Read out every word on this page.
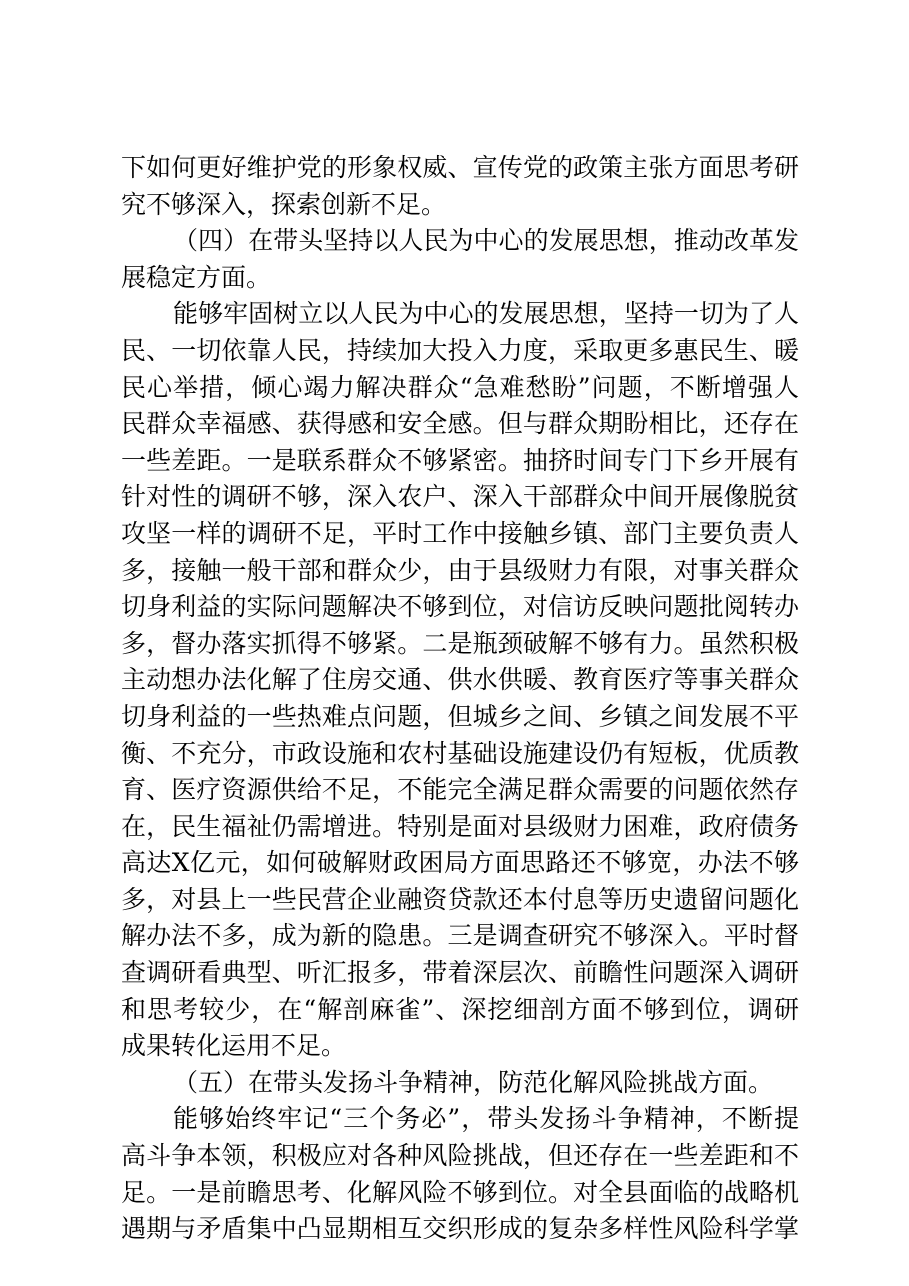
下如何更好维护党的形象权威、宣传党的政策主张方面思考研
究不够深入，探索创新不足。
（四）在带头坚持以人民为中心的发展思想，推动改革发
展稳定方面。
能够牢固树立以人民为中心的发展思想，坚持一切为了人
民、一切依靠人民，持续加大投入力度，采取更多惠民生、暖
民心举措，倾心竭力解决群众“急难愁盼”问题，不断增强人
民群众幸福感、获得感和安全感。但与群众期盼相比，还存在
一些差距。一是联系群众不够紧密。抽挤时间专门下乡开展有
针对性的调研不够，深入农户、深入干部群众中间开展像脱贫
攻坚一样的调研不足，平时工作中接触乡镇、部门主要负责人
多，接触一般干部和群众少，由于县级财力有限，对事关群众
切身利益的实际问题解决不够到位，对信访反映问题批阅转办
多，督办落实抓得不够紧。二是瓶颈破解不够有力。虽然积极
主动想办法化解了住房交通、供水供暖、教育医疗等事关群众
切身利益的一些热难点问题，但城乡之间、乡镇之间发展不平
衡、不充分，市政设施和农村基础设施建设仍有短板，优质教
育、医疗资源供给不足，不能完全满足群众需要的问题依然存
在，民生福祉仍需增进。特别是面对县级财力困难，政府债务
高达X亿元，如何破解财政困局方面思路还不够宽，办法不够
多，对县上一些民营企业融资贷款还本付息等历史遗留问题化
解办法不多，成为新的隐患。三是调查研究不够深入。平时督
查调研看典型、听汇报多，带着深层次、前瞻性问题深入调研
和思考较少，在“解剖麻雀”、深挖细剖方面不够到位，调研
成果转化运用不足。
（五）在带头发扬斗争精神，防范化解风险挑战方面。
能够始终牢记“三个务必”，带头发扬斗争精神，不断提
高斗争本领，积极应对各种风险挑战，但还存在一些差距和不
足。一是前瞻思考、化解风险不够到位。对全县面临的战略机
遇期与矛盾集中凸显期相互交织形成的复杂多样性风险科学掌
